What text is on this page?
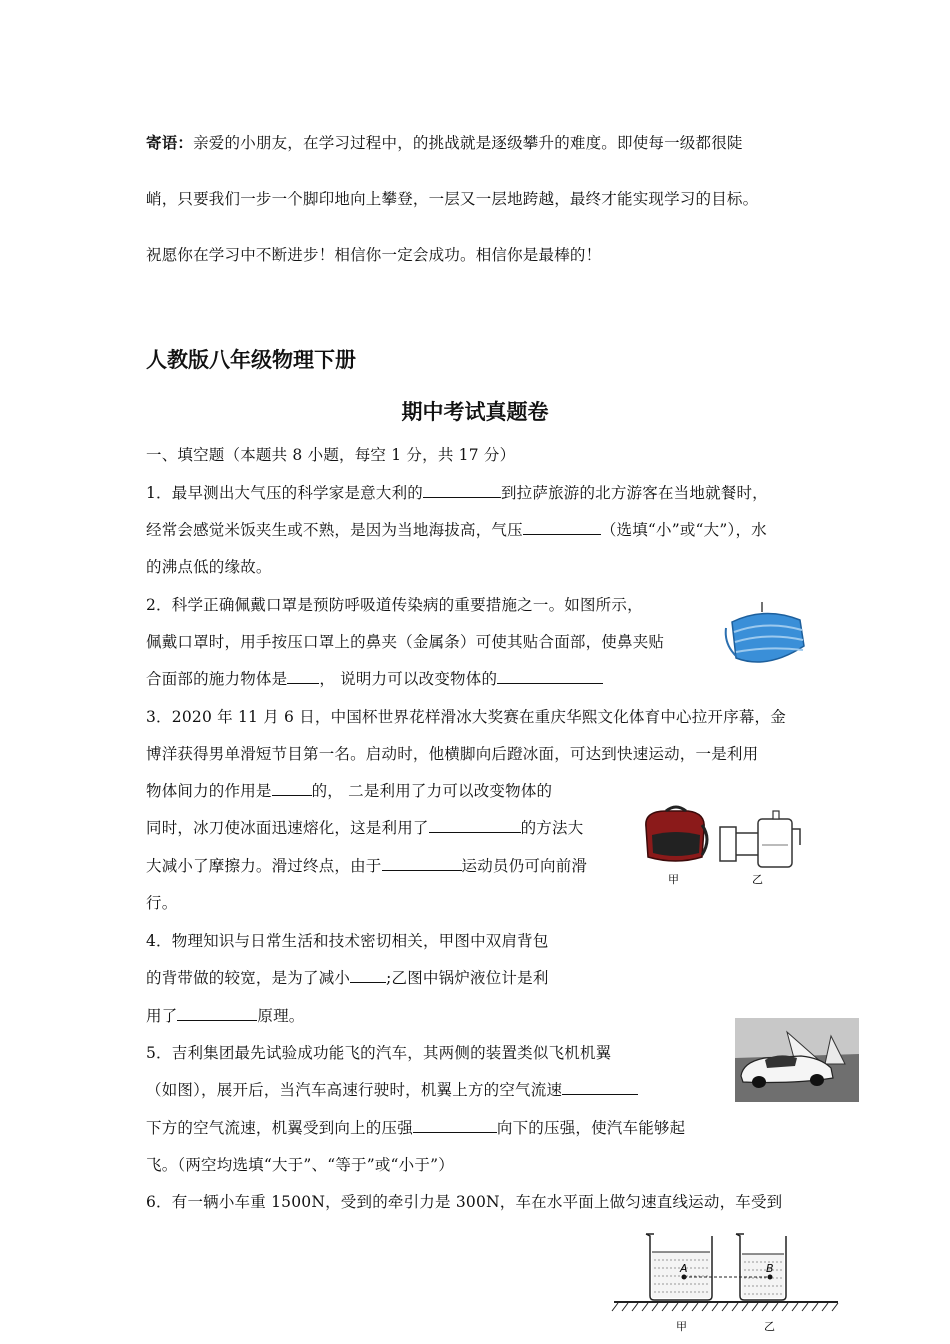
寄语：亲爱的小朋友，在学习过程中，的挑战就是逐级攀升的难度。即使每一级都很陡
峭，只要我们一步一个脚印地向上攀登，一层又一层地跨越，最终才能实现学习的目标。
祝愿你在学习中不断进步！相信你一定会成功。相信你是最棒的！
人教版八年级物理下册
期中考试真题卷
一、填空题（本题共 8 小题，每空 1 分，共 17 分）
1．最早测出大气压的科学家是意大利的	到拉萨旅游的北方游客在当地就餐时，
经常会感觉米饭夹生或不熟，是因为当地海拔高，气压	（选填“小”或“大”），水
的沸点低的缘故。
2．科学正确佩戴口罩是预防呼吸道传染病的重要措施之一。如图所示，
佩戴口罩时，用手按压口罩上的鼻夹（金属条）可使其贴合面部，使鼻夹贴
合面部的施力物体是 ， 说明力可以改变物体的
3．2020 年 11 月 6 日，中国杯世界花样滑冰大奖赛在重庆华熙文化体育中心拉开序幕，金
博洋获得男单滑短节目第一名。启动时，他横脚向后蹬冰面，可达到快速运动，一是利用
物体间力的作用是	的， 二是利用了力可以改变物体的
同时，冰刀使冰面迅速熔化，这是利用了	的方法大
大减小了摩擦力。滑过终点，由于	运动员仍可向前滑
行。
甲	乙
4．物理知识与日常生活和技术密切相关，甲图中双肩背包
的背带做的较宽，是为了减小 ;乙图中锅炉液位计是利
用了	原理。
5．吉利集团最先试验成功能飞的汽车，其两侧的装置类似飞机机翼
（如图），展开后，当汽车高速行驶时，机翼上方的空气流速
下方的空气流速，机翼受到向上的压强	向下的压强，使汽车能够起
飞。（两空均选填“大于”、“等于”或“小于”）
6．有一辆小车重 1500N，受到的牵引力是 300N，车在水平面上做匀速直线运动，车受到
A	B
甲	乙
